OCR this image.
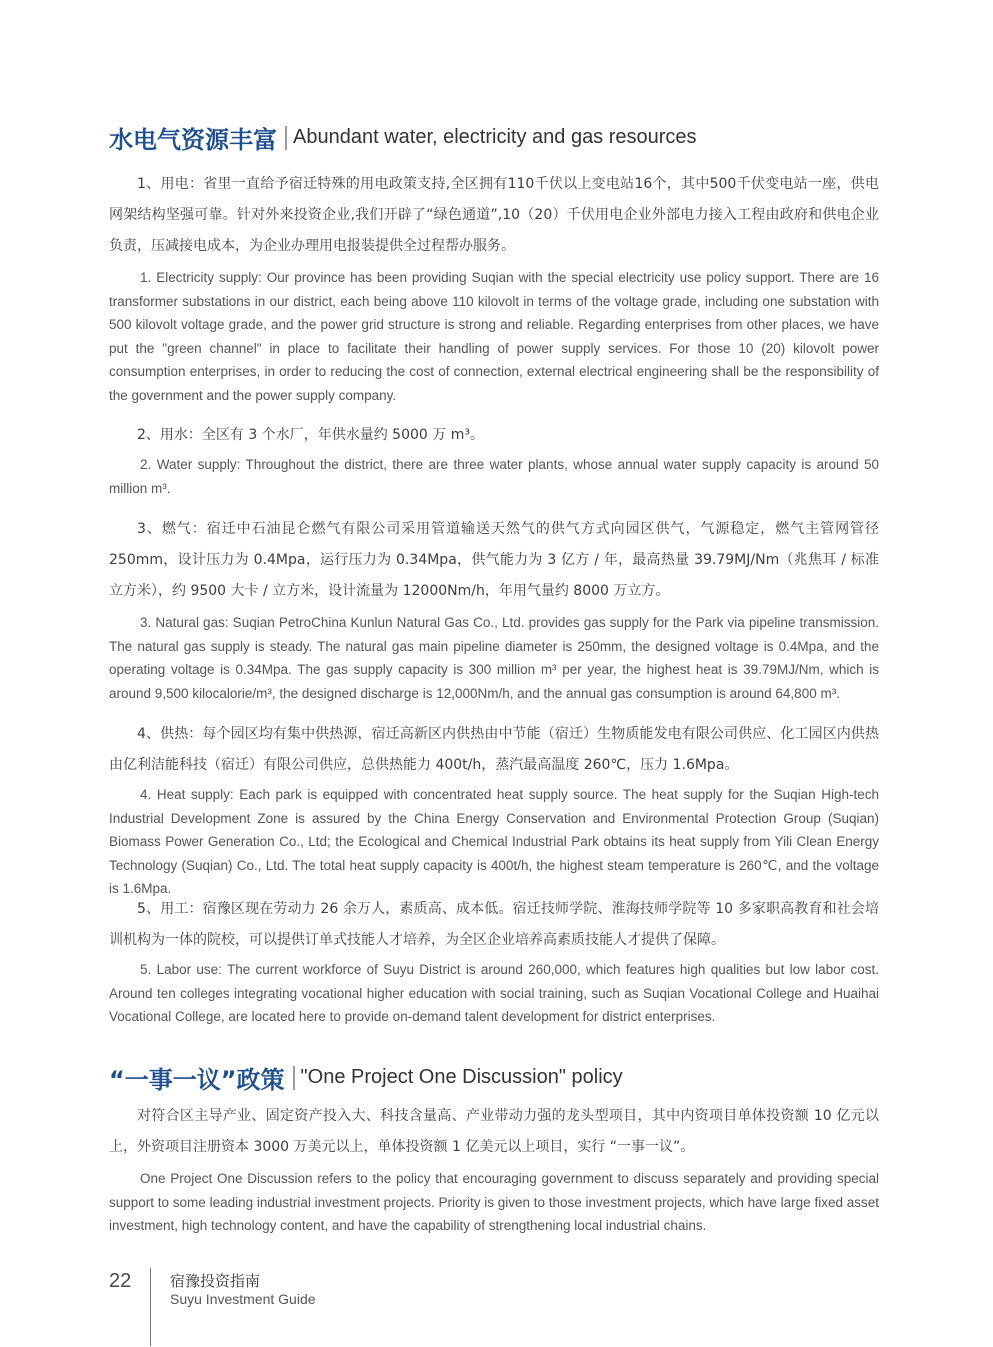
水电气资源丰富 Abundant water, electricity and gas resources

1、用电：省里一直给予宿迁特殊的用电政策支持,全区拥有110千伏以上变电站16个，其中500千伏变电站一座，供电网架结构坚强可靠。针对外来投资企业,我们开辟了“绿色通道”,10（20）千伏用电企业外部电力接入工程由政府和供电企业负责，压减接电成本，为企业办理用电报装提供全过程帮办服务。

1. Electricity supply: Our province has been providing Suqian with the special electricity use policy support. There are 16 transformer substations in our district, each being above 110 kilovolt in terms of the voltage grade, including one substation with 500 kilovolt voltage grade, and the power grid structure is strong and reliable. Regarding enterprises from other places, we have put the "green channel" in place to facilitate their handling of power supply services. For those 10 (20) kilovolt power consumption enterprises, in order to reducing the cost of connection, external electrical engineering shall be the responsibility of the government and the power supply company.

2、用水：全区有 3 个水厂，年供水量约 5000 万 m³。

2. Water supply: Throughout the district, there are three water plants, whose annual water supply capacity is around 50 million m³.

3、燃气：宿迁中石油昆仑燃气有限公司采用管道输送天然气的供气方式向园区供气，气源稳定，燃气主管网管径 250mm，设计压力为 0.4Mpa，运行压力为 0.34Mpa，供气能力为 3 亿方 / 年，最高热量 39.79MJ/Nm（兆焦耳 / 标准立方米），约 9500 大卡 / 立方米，设计流量为 12000Nm/h，年用气量约 8000 万立方。

3. Natural gas: Suqian PetroChina Kunlun Natural Gas Co., Ltd. provides gas supply for the Park via pipeline transmission. The natural gas supply is steady. The natural gas main pipeline diameter is 250mm, the designed voltage is 0.4Mpa, and the operating voltage is 0.34Mpa. The gas supply capacity is 300 million m³ per year, the highest heat is 39.79MJ/Nm, which is around 9,500 kilocalorie/m³, the designed discharge is 12,000Nm/h, and the annual gas consumption is around 64,800 m³.

4、供热：每个园区均有集中供热源，宿迁高新区内供热由中节能（宿迁）生物质能发电有限公司供应、化工园区内供热由亿利洁能科技（宿迁）有限公司供应，总供热能力 400t/h，蒸汽最高温度 260℃，压力 1.6Mpa。

4. Heat supply: Each park is equipped with concentrated heat supply source. The heat supply for the Suqian High-tech Industrial Development Zone is assured by the China Energy Conservation and Environmental Protection Group (Suqian) Biomass Power Generation Co., Ltd; the Ecological and Chemical Industrial Park obtains its heat supply from Yili Clean Energy Technology (Suqian) Co., Ltd. The total heat supply capacity is 400t/h, the highest steam temperature is 260℃, and the voltage is 1.6Mpa.

5、用工：宿豫区现在劳动力 26 余万人，素质高、成本低。宿迁技师学院、淮海技师学院等 10 多家职高教育和社会培训机构为一体的院校，可以提供订单式技能人才培养，为全区企业培养高素质技能人才提供了保障。

5. Labor use: The current workforce of Suyu District is around 260,000, which features high qualities but low labor cost. Around ten colleges integrating vocational higher education with social training, such as Suqian Vocational College and Huaihai Vocational College, are located here to provide on-demand talent development for district enterprises.

“一事一议”政策 "One Project One Discussion" policy

对符合区主导产业、固定资产投入大、科技含量高、产业带动力强的龙头型项目，其中内资项目单体投资额 10 亿元以上，外资项目注册资本 3000 万美元以上，单体投资额 1 亿美元以上项目，实行 “一事一议”。

One Project One Discussion refers to the policy that encouraging government to discuss separately and providing special support to some leading industrial investment projects. Priority is given to those investment projects, which have large fixed asset investment, high technology content, and have the capability of strengthening local industrial chains.

22	宿豫投资指南
Suyu Investment Guide
